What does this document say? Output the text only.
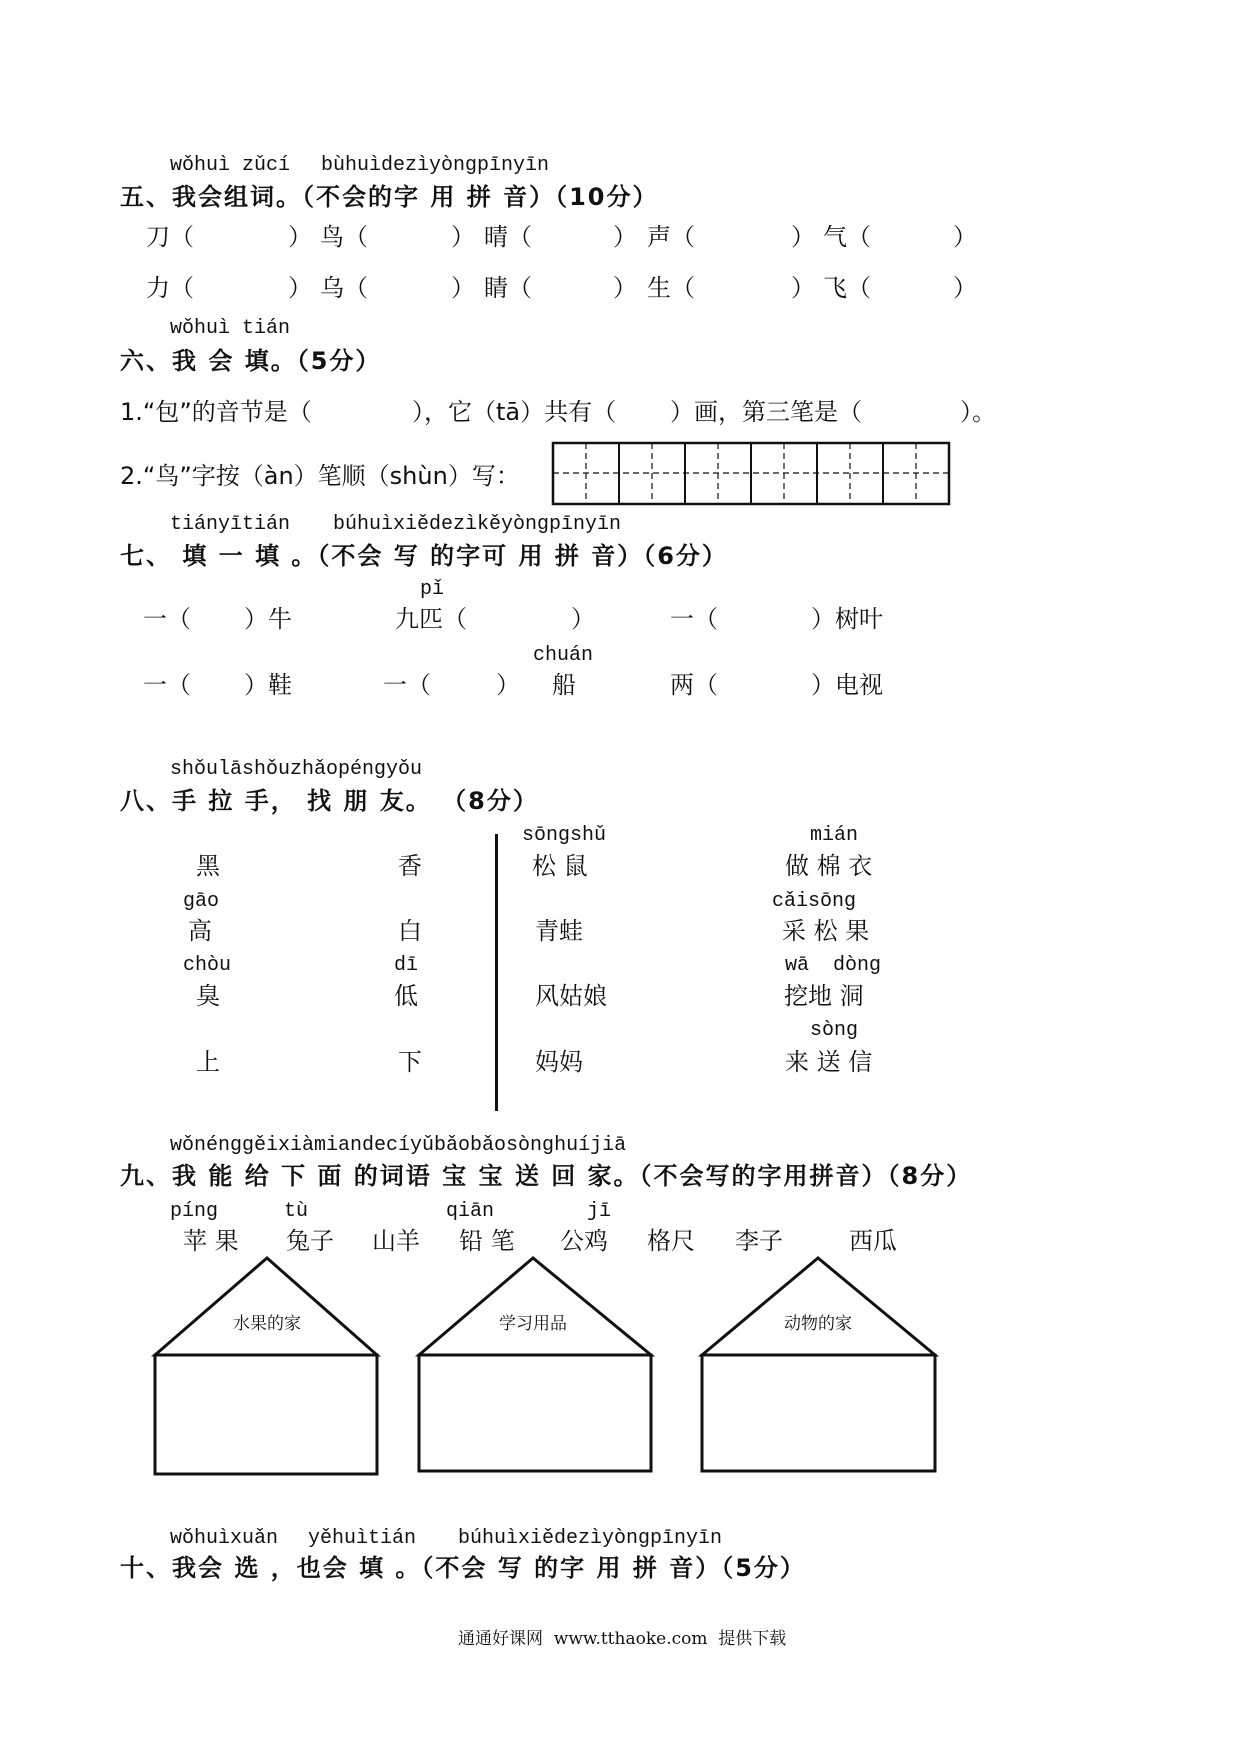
wǒhuì zǔcí bùhuìdezìyòngpīnyīn
五、我会组词。（不会的字 用 拼 音）（10分）
刀（	） 鸟（	） 晴（	） 声（	） 气（	）
力（	） 乌（	） 睛（	） 生（	） 飞（	）
wǒhuì tián
六、我 会 填。（5分）
1.“包”的音节是（	），它（tā）共有（ ）画，第三笔是（	）。
2.“鸟”字按（àn）笔顺（shùn）写：
tiányītián búhuìxiědezìkěyòngpīnyīn
七、 填 一 填 。（不会 写 的字可 用 拼 音）（6分）
pǐ
一（ ）牛	九匹（	）	一（	）树叶
chuán
一（ ）鞋	一（	） 船	两（	）电视
shǒulāshǒuzhǎopéngyǒu
八、手 拉 手， 找 朋 友。 （8分）
黑	香
gāo
高	白
chòu	dī
臭	低
上	下
sōngshǔ	mián
松 鼠	做 棉 衣
cǎisōng
青蛙	采 松 果
wā  dòng
风姑娘	挖地 洞
sòng
妈妈	来 送 信
wǒnénggěixiàmiandecíyǔbǎobǎosònghuíjiā
九、我 能 给 下 面 的词语 宝 宝 送 回 家。（不会写的字用拼音）（8分）
píng	tù	qiān	jī
苹 果 兔子 山羊 铅 笔 公鸡 格尺 李子	西瓜
水果的家	学习用品	动物的家
wǒhuìxuǎn yěhuìtián búhuìxiědezìyòngpīnyīn
十、我会 选 ，也会 填 。（不会 写 的字 用 拼 音）（5分）
通通好课网  www.tthaoke.com  提供下载
